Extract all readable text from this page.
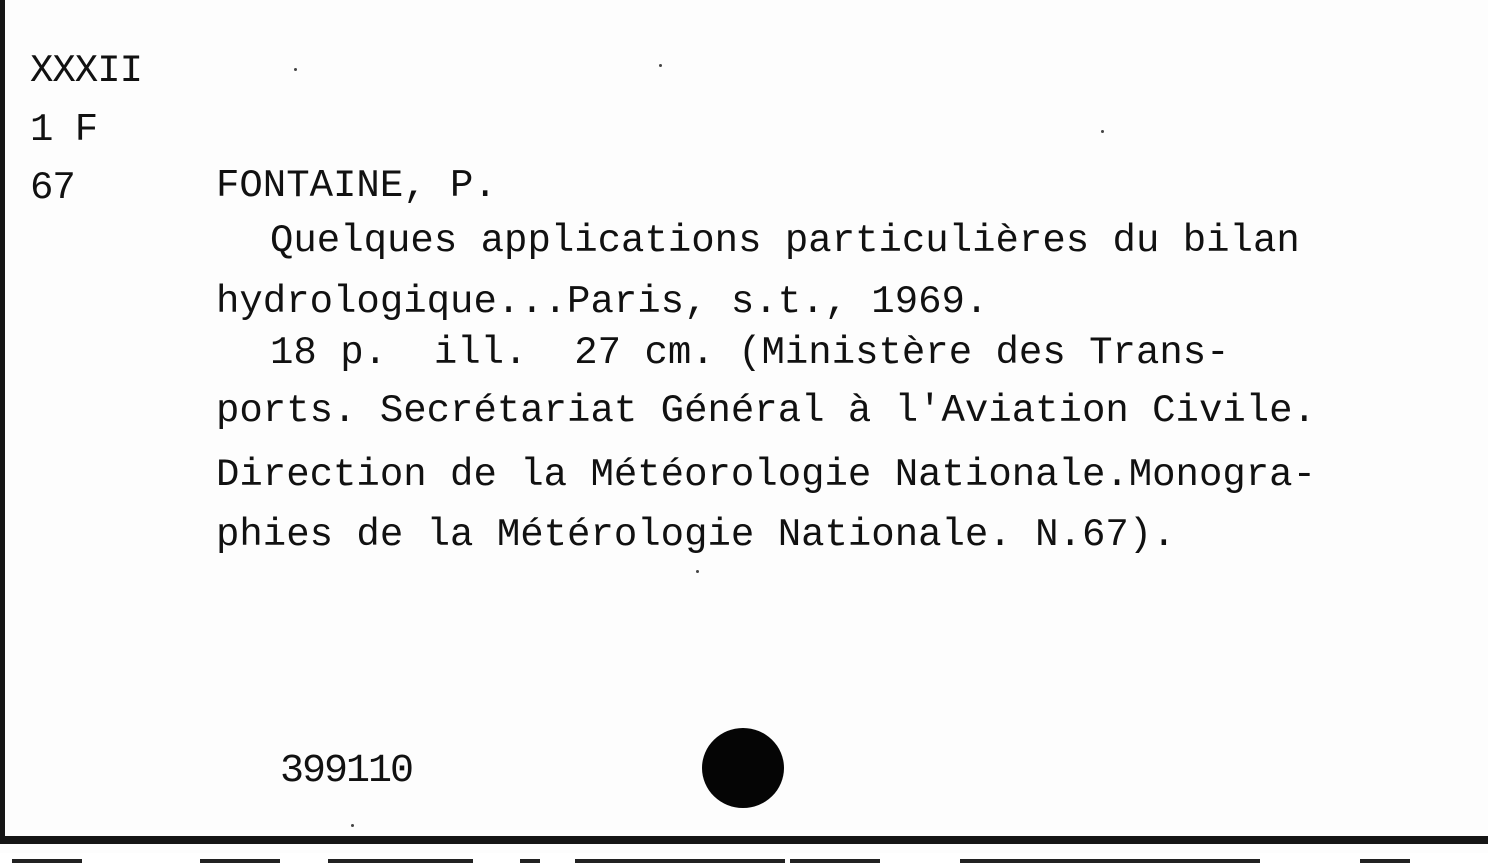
XXXII
1 F
67	FONTAINE, P.
Quelques applications particulières du bilan
hydrologique...Paris, s.t., 1969.
18 p.  ill.  27 cm. (Ministère des Trans-
ports. Secrétariat Général à l'Aviation Civile.
Direction de la Météorologie Nationale.Monogra-
phies de la Métérologie Nationale. N.67).
399110
